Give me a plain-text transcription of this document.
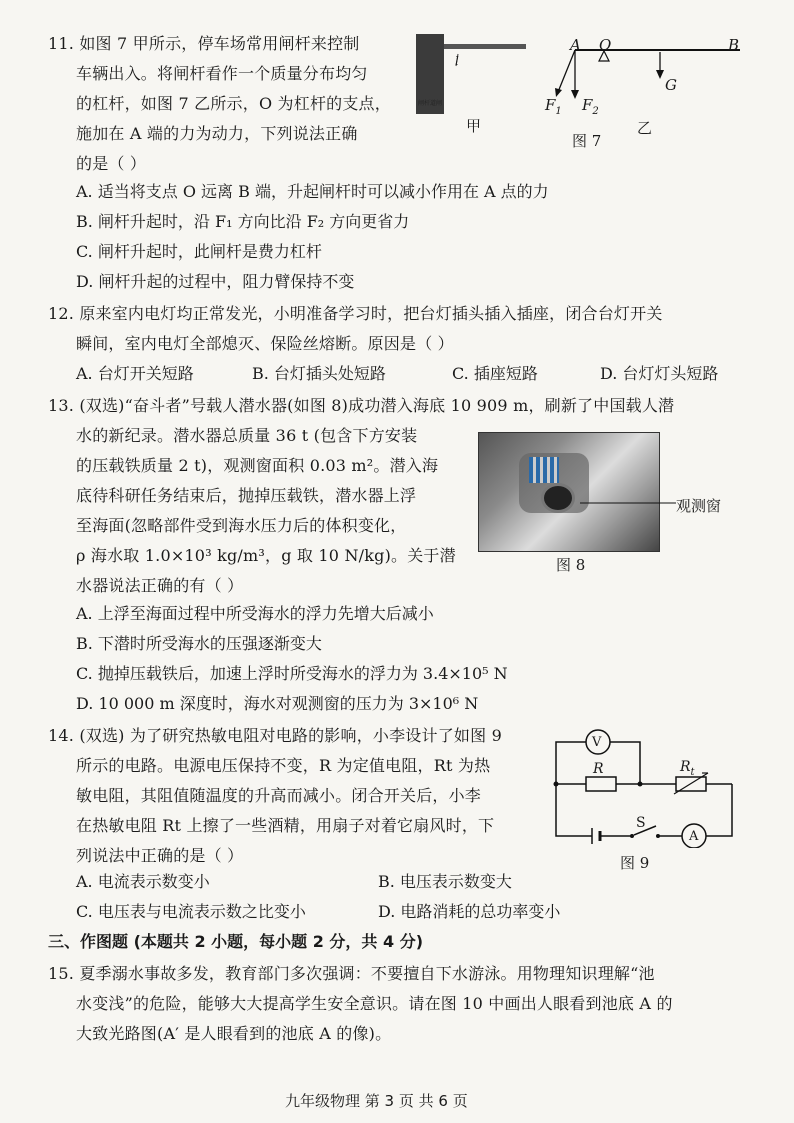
11. 如图 7 甲所示，停车场常用闸杆来控制
车辆出入。将闸杆看作一个质量分布均匀
的杠杆，如图 7 乙所示，O 为杠杆的支点，
施加在 A 端的力为动力，下列说法正确
的是（ ）
闸杆道闸
l
甲
A O	B
G
$F_1$ $F_2$
图 7
乙
A. 适当将支点 O 远离 B 端，升起闸杆时可以减小作用在 A 点的力
B. 闸杆升起时，沿 F₁ 方向比沿 F₂ 方向更省力
C. 闸杆升起时，此闸杆是费力杠杆
D. 闸杆升起的过程中，阻力臂保持不变
12. 原来室内电灯均正常发光，小明准备学习时，把台灯插头插入插座，闭合台灯开关
瞬间，室内电灯全部熄灭、保险丝熔断。原因是（ ）
A. 台灯开关短路	B. 台灯插头处短路	C. 插座短路	D. 台灯灯头短路
13. (双选)“奋斗者”号载人潜水器(如图 8)成功潜入海底 10 909 m，刷新了中国载人潜
水的新纪录。潜水器总质量 36 t (包含下方安装
的压载铁质量 2 t)，观测窗面积 0.03 m²。潜入海
底待科研任务结束后，抛掉压载铁，潜水器上浮
至海面(忽略部件受到海水压力后的体积变化，
ρ 海水取 1.0×10³ kg/m³，g 取 10 N/kg)。关于潜
水器说法正确的有（ ）
观测窗
图 8
A. 上浮至海面过程中所受海水的浮力先增大后减小
B. 下潜时所受海水的压强逐渐变大
C. 抛掉压载铁后，加速上浮时所受海水的浮力为 3.4×10⁵ N
D. 10 000 m 深度时，海水对观测窗的压力为 3×10⁶ N
14. (双选) 为了研究热敏电阻对电路的影响，小李设计了如图 9
所示的电路。电源电压保持不变，R 为定值电阻，Rt 为热
敏电阻，其阻值随温度的升高而减小。闭合开关后，小李
在热敏电阻 Rt 上擦了一些酒精，用扇子对着它扇风时，下
列说法中正确的是（ ）
V
A
R	$R_t$
S
图 9
A. 电流表示数变小	B. 电压表示数变大
C. 电压表与电流表示数之比变小	D. 电路消耗的总功率变小
三、作图题 (本题共 2 小题，每小题 2 分，共 4 分)
15. 夏季溺水事故多发，教育部门多次强调：不要擅自下水游泳。用物理知识理解“池
水变浅”的危险，能够大大提高学生安全意识。请在图 10 中画出人眼看到池底 A 的
大致光路图(A′ 是人眼看到的池底 A 的像)。
九年级物理 第 3 页 共 6 页
